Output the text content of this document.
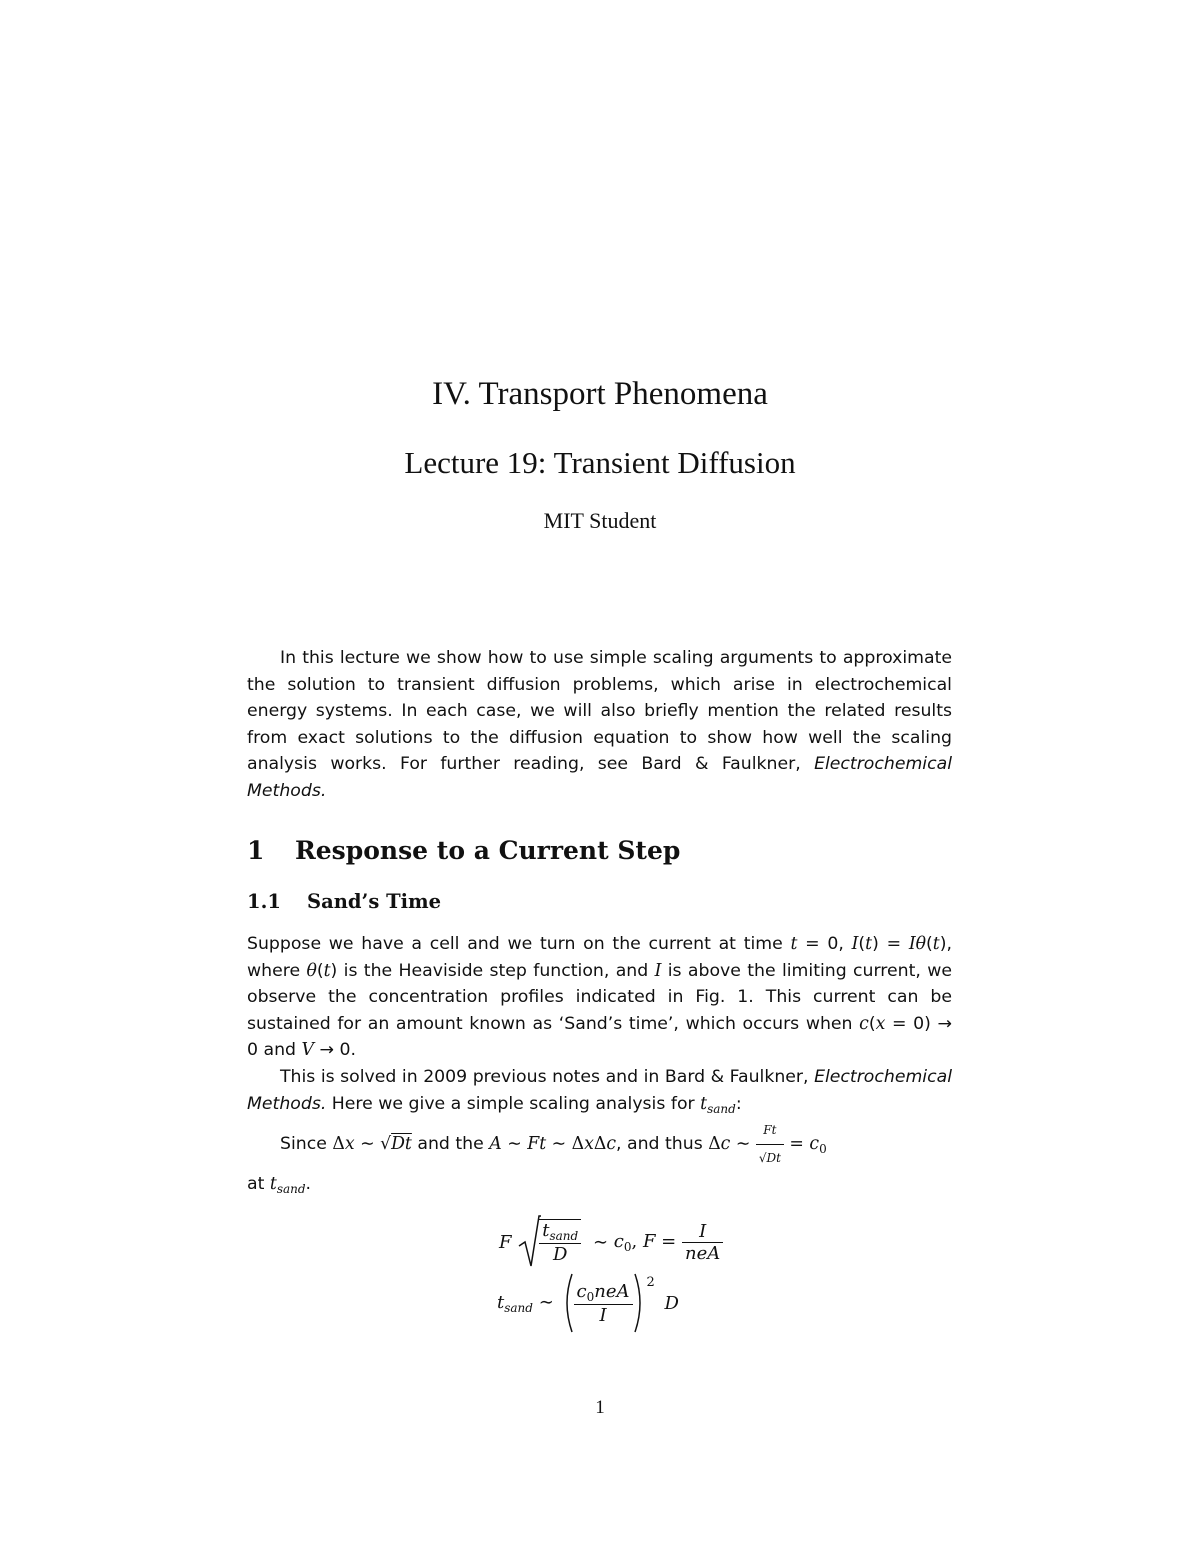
IV. Transport Phenomena
Lecture 19: Transient Diffusion
MIT Student
In this lecture we show how to use simple scaling arguments to approximate the solution to transient diffusion problems, which arise in electrochemical energy systems. In each case, we will also briefly mention the related results from exact solutions to the diffusion equation to show how well the scaling analysis works. For further reading, see Bard & Faulkner, Electrochemical Methods.
1 Response to a Current Step
1.1 Sand’s Time
Suppose we have a cell and we turn on the current at time t = 0, I(t) = Iθ(t), where θ(t) is the Heaviside step function, and I is above the limiting current, we observe the concentration profiles indicated in Fig. 1. This current can be sustained for an amount known as ‘Sand’s time’, which occurs when c(x = 0) → 0 and V → 0.
This is solved in 2009 previous notes and in Bard & Faulkner, Electrochemical Methods. Here we give a simple scaling analysis for $t_{sand}$:
Since Δx ∼ √Dt and the A ∼ Ft ∼ ΔxΔc, and thus Δc ∼ $\frac{Ft}{√Dt} = c_0$
at $t_{sand}$.
F $\frac{t_{sand}}{D}$ ∼ $c_0$, $F = \frac{I}{\text{neA}}$
$t_{sand}$ ∼ $\frac{c_0neA}{I} ^2$ D
1
